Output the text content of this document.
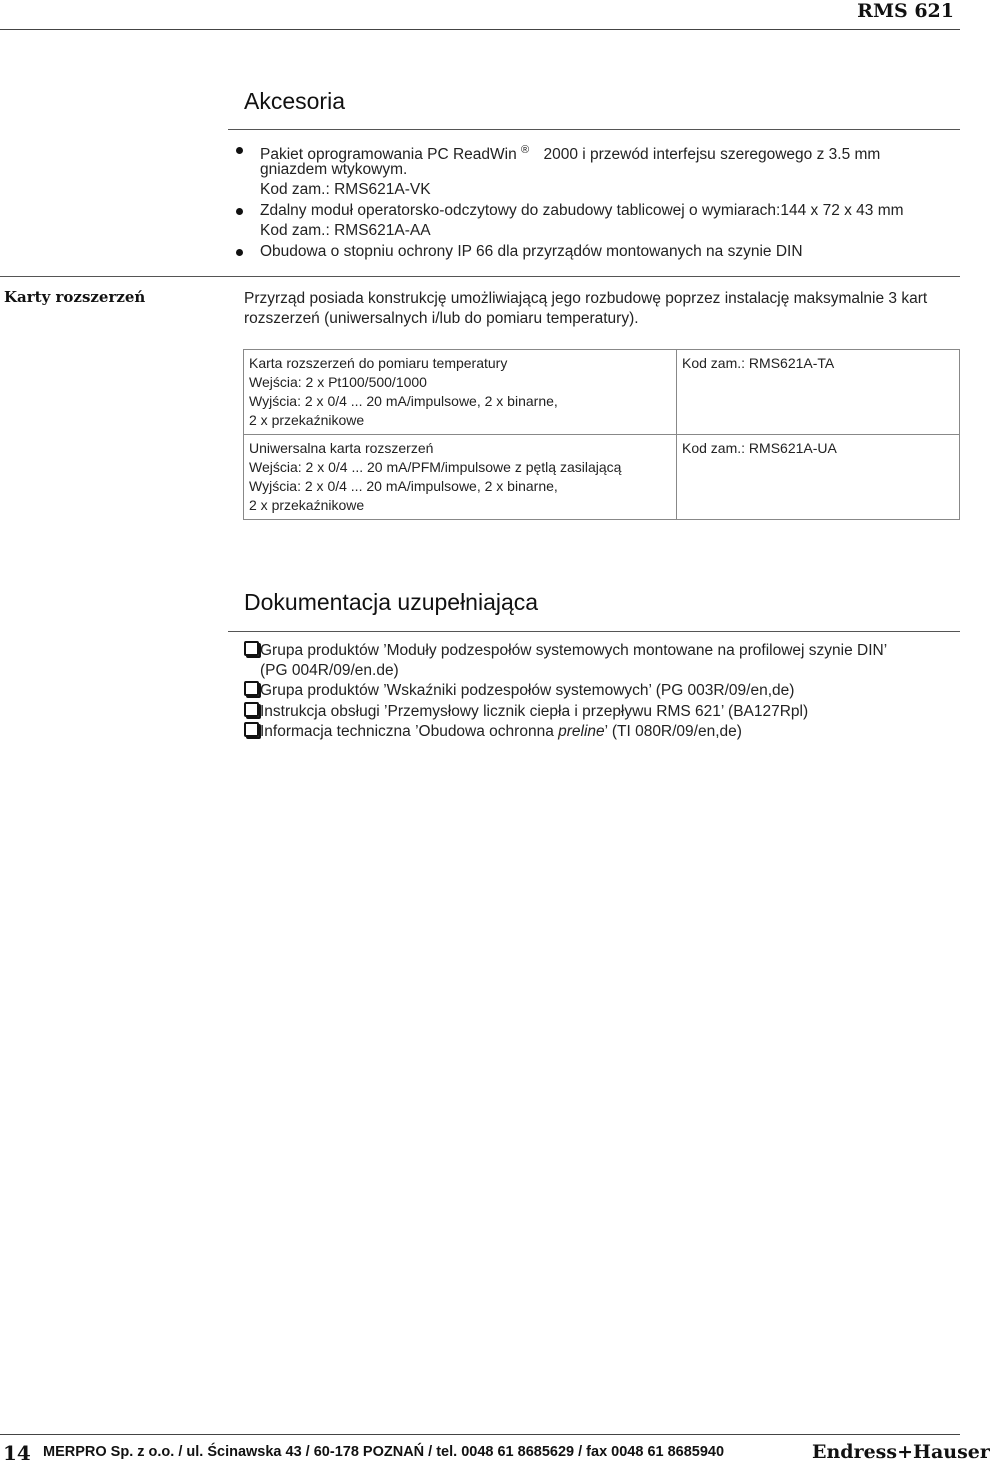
RMS 621
Akcesoria
Pakiet oprogramowania PC ReadWin ® 2000 i przewód interfejsu szeregowego z 3.5 mm
gniazdem wtykowym.
Kod zam.: RMS621A-VK
Zdalny moduł operatorsko-odczytowy do zabudowy tablicowej o wymiarach:144 x 72 x 43 mm
Kod zam.: RMS621A-AA
Obudowa o stopniu ochrony IP 66 dla przyrządów montowanych na szynie DIN
Karty rozszerzeń	Przyrząd posiada konstrukcję umożliwiającą jego rozbudowę poprzez instalację maksymalnie 3 kart
rozszerzeń (uniwersalnych i/lub do pomiaru temperatury).
Karta rozszerzeń do pomiaru temperatury
Wejścia: 2 x Pt100/500/1000
Wyjścia: 2 x 0/4 ... 20 mA/impulsowe, 2 x binarne,
2 x przekaźnikowe	Kod zam.: RMS621A-TA

Uniwersalna karta rozszerzeń
Wejścia: 2 x 0/4 ... 20 mA/PFM/impulsowe z pętlą zasilającą
Wyjścia: 2 x 0/4 ... 20 mA/impulsowe, 2 x binarne,
2 x przekaźnikowe	Kod zam.: RMS621A-UA
Dokumentacja uzupełniająca
Grupa produktów ’Moduły podzespołów systemowych montowane na profilowej szynie DIN’
(PG 004R/09/en.de)
Grupa produktów ’Wskaźniki podzespołów systemowych’ (PG 003R/09/en,de)
Instrukcja obsługi ’Przemysłowy licznik ciepła i przepływu RMS 621’ (BA127Rpl)
Informacja techniczna ’Obudowa ochronna preline’ (TI 080R/09/en,de)
14 MERPRO Sp. z o.o. / ul. Ścinawska 43 / 60-178 POZNAŃ / tel. 0048 61 8685629 / fax 0048 61 8685940	Endress+Hauser
